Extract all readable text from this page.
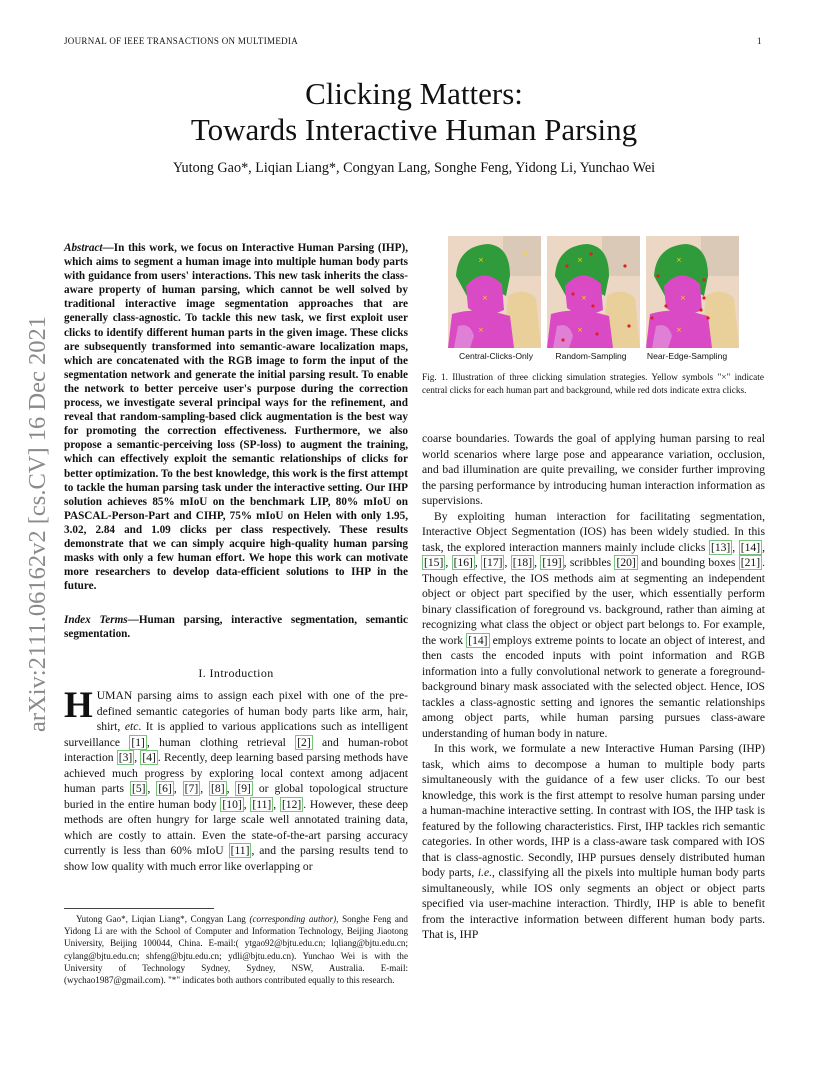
JOURNAL OF IEEE TRANSACTIONS ON MULTIMEDIA	1
Clicking Matters:
Towards Interactive Human Parsing
Yutong Gao*, Liqian Liang*, Congyan Lang, Songhe Feng, Yidong Li, Yunchao Wei
arXiv:2111.06162v2 [cs.CV] 16 Dec 2021
Abstract—In this work, we focus on Interactive Human Parsing (IHP), which aims to segment a human image into multiple human body parts with guidance from users' interactions. This new task inherits the class-aware property of human parsing, which cannot be well solved by traditional interactive image segmentation approaches that are generally class-agnostic. To tackle this new task, we first exploit user clicks to identify different human parts in the given image. These clicks are subsequently transformed into semantic-aware localization maps, which are concatenated with the RGB image to form the input of the segmentation network and generate the initial parsing result. To enable the network to better perceive user's purpose during the correction process, we investigate several principal ways for the refinement, and reveal that random-sampling-based click augmentation is the best way for promoting the correction effectiveness. Furthermore, we also propose a semantic-perceiving loss (SP-loss) to augment the training, which can effectively exploit the semantic relationships of clicks for better optimization. To the best knowledge, this work is the first attempt to tackle the human parsing task under the interactive setting. Our IHP solution achieves 85% mIoU on the benchmark LIP, 80% mIoU on PASCAL-Person-Part and CIHP, 75% mIoU on Helen with only 1.95, 3.02, 2.84 and 1.09 clicks per class respectively. These results demonstrate that we can simply acquire high-quality human parsing masks with only a few human effort. We hope this work can motivate more researchers to develop data-efficient solutions to IHP in the future.
Index Terms—Human parsing, interactive segmentation, semantic segmentation.
I. Introduction
HUMAN parsing aims to assign each pixel with one of the pre-defined semantic categories of human body parts like arm, hair, shirt, etc. It is applied to various applications such as intelligent surveillance [1] , human clothing retrieval [2] and human-robot interaction [3] , [4] . Recently, deep learning based parsing methods have achieved much progress by exploring local context among adjacent human parts [5] , [6] , [7] , [8] , [9] or global topological structure buried in the entire human body [10] , [11] , [12] . However, these deep methods are often hungry for large scale well annotated training data, which are costly to attain. Even the state-of-the-art parsing accuracy currently is less than 60% mIoU [11] , and the parsing results tend to show low quality with much error like overlapping or
Yutong Gao*, Liqian Liang*, Congyan Lang (corresponding author), Songhe Feng and Yidong Li are with the School of Computer and Information Technology, Beijing Jiaotong University, Beijing 100044, China. E-mail:( ytgao92@bjtu.edu.cn; lqliang@bjtu.edu.cn; cylang@bjtu.edu.cn; shfeng@bjtu.edu.cn; ydli@bjtu.edu.cn). Yunchao Wei is with the University of Technology Sydney, Sydney, NSW, Australia. E-mail:(wychao1987@gmail.com). "*" indicates both authors contributed equally to this research.
×
×
×
×
×
×
×
×
×
×
Central-Clicks-Only	Random-Sampling	Near-Edge-Sampling
Fig. 1. Illustration of three clicking simulation strategies. Yellow symbols "×" indicate central clicks for each human part and background, while red dots indicate extra clicks.

coarse boundaries. Towards the goal of applying human parsing to real world scenarios where large pose and appearance variation, occlusion, and bad illumination are quite prevailing, we consider further improving the parsing performance by introducing human interaction information as supervisions.

By exploiting human interaction for facilitating segmentation, Interactive Object Segmentation (IOS) has been widely studied. In this task, the explored interaction manners mainly include clicks [13] , [14] , [15] , [16] , [17] , [18] , [19] , scribbles [20] and bounding boxes [21] . Though effective, the IOS methods aim at segmenting an independent object or object part specified by the user, which essentially perform binary classification of foreground vs. background, rather than aiming at recognizing what class the object or object part belongs to. For example, the work [14] employs extreme points to locate an object of interest, and then casts the encoded inputs with point information and RGB information into a fully convolutional network to generate a foreground-background binary mask associated with the selected object. Hence, IOS tackles a class-agnostic setting and ignores the semantic relationships among object parts, while human parsing pursues class-aware understanding of human body in nature.

In this work, we formulate a new Interactive Human Parsing (IHP) task, which aims to decompose a human to multiple body parts simultaneously with the guidance of a few user clicks. To our best knowledge, this work is the first attempt to resolve human parsing under a human-machine interactive setting. In contrast with IOS, the IHP task is featured by the following characteristics. First, IHP tackles rich semantic categories. In other words, IHP is a class-aware task compared with IOS that is class-agnostic. Secondly, IHP pursues densely distributed human body parts, i.e., classifying all the pixels into multiple human body parts simultaneously, while IOS only segments an object or object parts specified via user-machine interaction. Thirdly, IHP is able to benefit from the interactive information between different human body parts. That is, IHP
